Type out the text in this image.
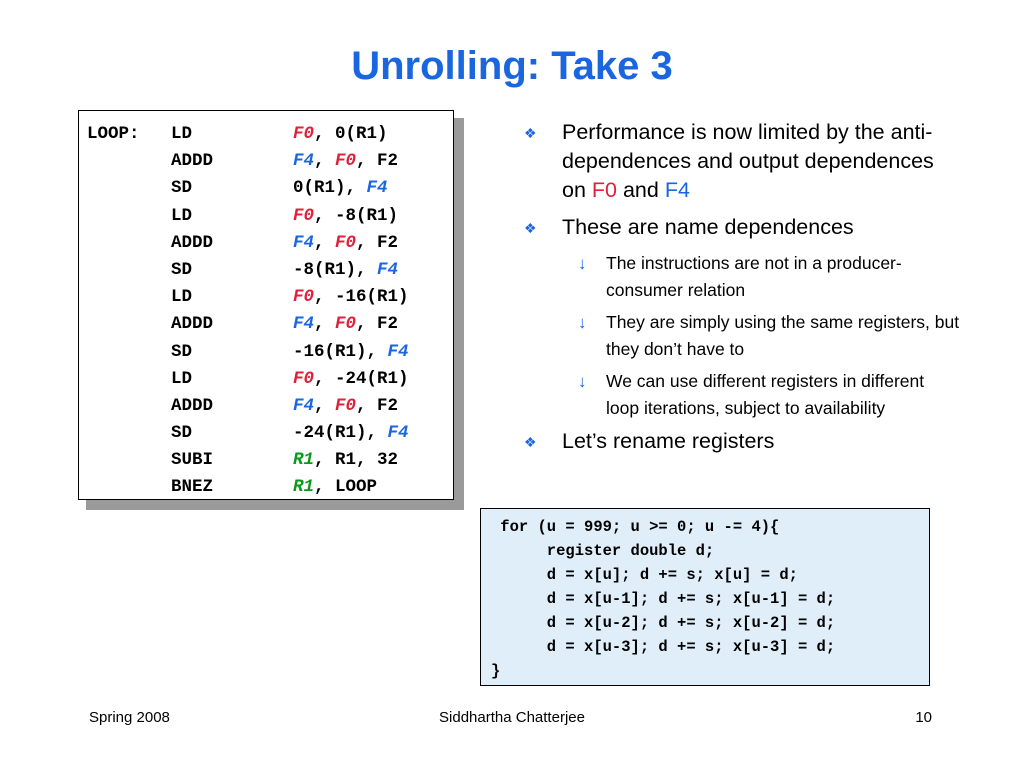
Unrolling: Take 3
LOOP: LD	F0, 0(R1)
ADDD	F4, F0, F2
SD	0(R1), F4
LD	F0, -8(R1)
ADDD	F4, F0, F2
SD	-8(R1), F4
LD	F0, -16(R1)
ADDD	F4, F0, F2
SD	-16(R1), F4
LD	F0, -24(R1)
ADDD	F4, F0, F2
SD	-24(R1), F4
SUBI	R1, R1, 32
BNEZ	R1, LOOP
❖ Performance is now limited by the anti-dependences and output dependences on F0 and F4
❖ These are name dependences
↓ The instructions are not in a producer-consumer relation
↓ They are simply using the same registers, but they don’t have to
↓ We can use different registers in different loop iterations, subject to availability
❖ Let’s rename registers
for (u = 999; u >= 0; u -= 4){
register double d;
d = x[u]; d += s; x[u] = d;
d = x[u-1]; d += s; x[u-1] = d;
d = x[u-2]; d += s; x[u-2] = d;
d = x[u-3]; d += s; x[u-3] = d;
}
Spring 2008	Siddhartha Chatterjee	10
